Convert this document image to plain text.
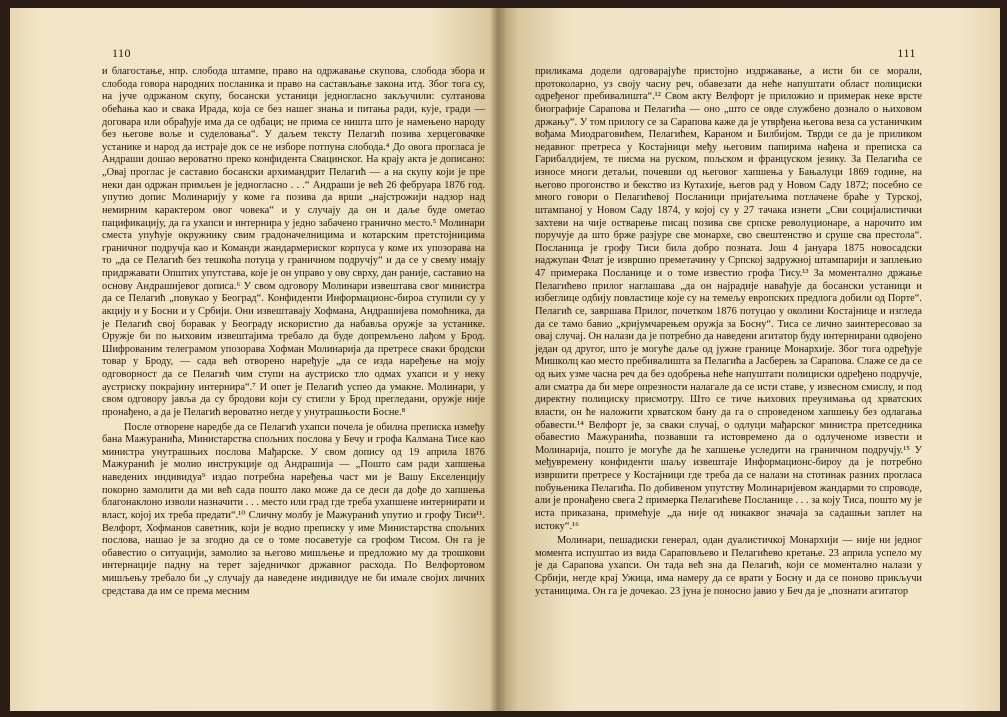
110

и благостање, нпр. слобода штампе, право на одржавање скупова, слобода збора и слобода говора народних посланика и право на састављање закона итд. Због тога су, на јуче одржаном скупу, босански устаници једногласно закључили: султанова обећања као и свака Ирада, која се без нашег знања и питања ради, кује, гради — договара или обрађује има да се одбаци; не прима се ништа што је намењено народу без његове воље и суделовања“. У даљем тексту Пелагић позива херцеговачке устанике и народ да истраје док се не изборе потпуна слобода.⁴ До овога прогласа је Андраши дошао вероватно преко конфидента Свацинског. На крају акта је дописано: „Овај проглас је саставио босански архимандрит Пелагић — а на скупу који је пре неки дан одржан примљен је једногласно . . .“ Андраши је већ 26 фебруара 1876 год. упутио допис Молинарију у коме га позива да врши „најстрожији надзор над немирним карактером овог човека“ и у случају да он и даље буде ометао пацификацију, да га ухапси и интернира у једно забачено гранично место.⁵ Молинари сместа упућује окружнику свим градоначелницима и котарским претстојницима граничног подручја као и Команди жандармериског корпуса у коме их упозорава на то „да се Пелагић без тешкоћа потуца у граничном подручју“ и да се у свему имају придржавати Општих упутстава, које је он управо у ову сврху, дан раније, саставио на основу Андрашијевог дописа.⁶ У свом одговору Молинари извештава свог министра да се Пелагић „повукао у Београд“. Конфиденти Информационс-бироа ступили су у акцију и у Босни и у Србији. Они извештавају Хофмана, Андрашијева помоћника, да је Пелагић свој боравак у Београду искористио да набавља оружје за устанике. Оружје би по њиховим извештајима требало да буде допремљено лађом у Брод. Шифрованим телеграмом упозорава Хофман Молинарија да претресе сваки бродски товар у Броду, — сада већ отворено наређује „да се изда наређење на моју одговорност да се Пелагић чим ступи на аустриско тло одмах ухапси и у неку аустриску покрајину интернира“.⁷ И опет је Пелагић успео да умакне. Молинари, у свом одговору јавља да су бродови који су стигли у Брод прегледани, оружје није пронађено, а да је Пелагић вероватно негде у унутрашњости Босне.⁸

После отворене наредбе да се Пелагић ухапси почела је обилна преписка између бана Мажуранића, Министарства спољних послова у Бечу и грофа Калмана Тисе као министра унутрашњих послова Мађарске. У свом допису од 19 априла 1876 Мажуранић је молио инструкције од Андрашија — „Пошто сам ради хапшења наведених индивидуа⁹ издао потребна наређења част ми је Вашу Екселенцију покорно замолити да ми већ сада пошто лако може да се деси да дође до хапшења благонаклоно изволи назначити . . . место или град где треба ухапшене интернирати и власт, којој их треба предати“.¹⁰ Сличну молбу је Мажуранић упутио и грофу Тиси¹¹. Велфорт, Хофманов саветник, који је водио преписку у име Министарства спољних послова, нашао је за згодно да се о томе посаветује са грофом Тисом. Он га је обавестио о ситуацији, замолио за његово мишљење и предложио му да трошкови интернације падну на терет заједничког државног расхода. По Велфортовом мишљењу требало би „у случају да наведене индивидуе не би имале својих личних средстава да им се према месним

111

приликама додели одговарајуће пристојно издржавање, а исти би се морали, протоколарно, уз своју часну реч, обавезати да неће напуштати област полициски одређеног пребивалишта“.¹² Свом акту Велфорт је приложио и примерак неке врсте биографије Сарапова и Пелагића — оно „што се овде службено дознало о њиховом држању“. У том прилогу се за Сарапова каже да је утврђена његова веза са устаничким вођама Миодраговићем, Пелагићем, Караном и Билбијом. Тврди се да је приликом недавног претреса у Костајници међу његовим папирима нађена и преписка са Гарибалдијем, те писма на руском, пољском и француском језику. За Пелагића се износе многи детаљи, почевши од његовог хапшења у Бањалуци 1869 године, на његово прогонство и бекство из Кутахије, његов рад у Новом Саду 1872; посебно се много говори о Пелагићевој Посланици пријатељима потлачене браће у Турској, штампаној у Новом Саду 1874, у којој су у 27 тачака изнети „Сви социјалистички захтеви на чије остварење писац позива све српске револуционаре, а нарочито им поручује да што брже разјуре све монархе, сво свештенство и сруше сва престола“. Посланица је грофу Тиси била добро позната. Још 4 јануара 1875 новосадски наджупан Флат је извршио преметачину у Српској задружној штампарији и заплењио 47 примерака Посланице и о томе известио грофа Тису.¹³ За моментално држање Пелагићево прилог наглашава „да он најрадије навађује да босански устаници и избеглице одбију повластице које су на темељу европских предлога добили од Порте“. Пелагић се, завршава Прилог, почетком 1876 потуцао у околини Костајнице и изгледа да се тамо бавио „кријумчарењем оружја за Босну“. Тиса се лично заинтересовао за овај случај. Он налази да је потребно да наведени агитатор буду интернирани одвојено један од другог, што је могуће даље од јужне границе Монархије. Због тога одређује Мишколц као место пребивалишта за Пелагића а Јасберењ за Сарапова. Слаже се да се од њих узме часна реч да без одобрења неће напуштати полициски одређено подручје, али сматра да би мере опрезности налагале да се исти ставе, у извесном смислу, и под директну полициску присмотру. Што се тиче њихових преузимања од хрватских власти, он ће наложити хрватском бану да га о спроведеном хапшењу без одлагања обавести.¹⁴ Велфорт је, за сваки случај, о одлуци мађарског министра претседника обавестио Мажуранића, позвавши га истовремено да о одлученоме извести и Молинарија, пошто је могуће да ће хапшење уследити на граничном подручју.¹⁵ У међувремену конфиденти шаљу извештаје Информационс-бироу да је потребно извршити претресе у Костајници где треба да се налази на стотинак разних прогласа побуњеника Пелагића. По добивеном упутству Молинаријевом жандарми то спроводе, али је пронађено свега 2 примерка Пелагићеве Посланице . . . за коју Тиса, пошто му је иста приказана, примећује „да није од никаквог значаја за садашњи заплет на истоку“.¹⁶

Молинари, пешадиски генерал, одан дуалистичкој Монархији — није ни једног момента испуштао из вида Сараповљево и Пелагићево кретање. 23 априла успело му је да Сарапова ухапси. Он тада већ зна да Пелагић, који се моментално налази у Србији, негде крај Ужица, има намеру да се врати у Босну и да се поново прикључи устаницима. Он га је дочекао. 23 јуна је поносно јавио у Беч да је „познати агитатор
